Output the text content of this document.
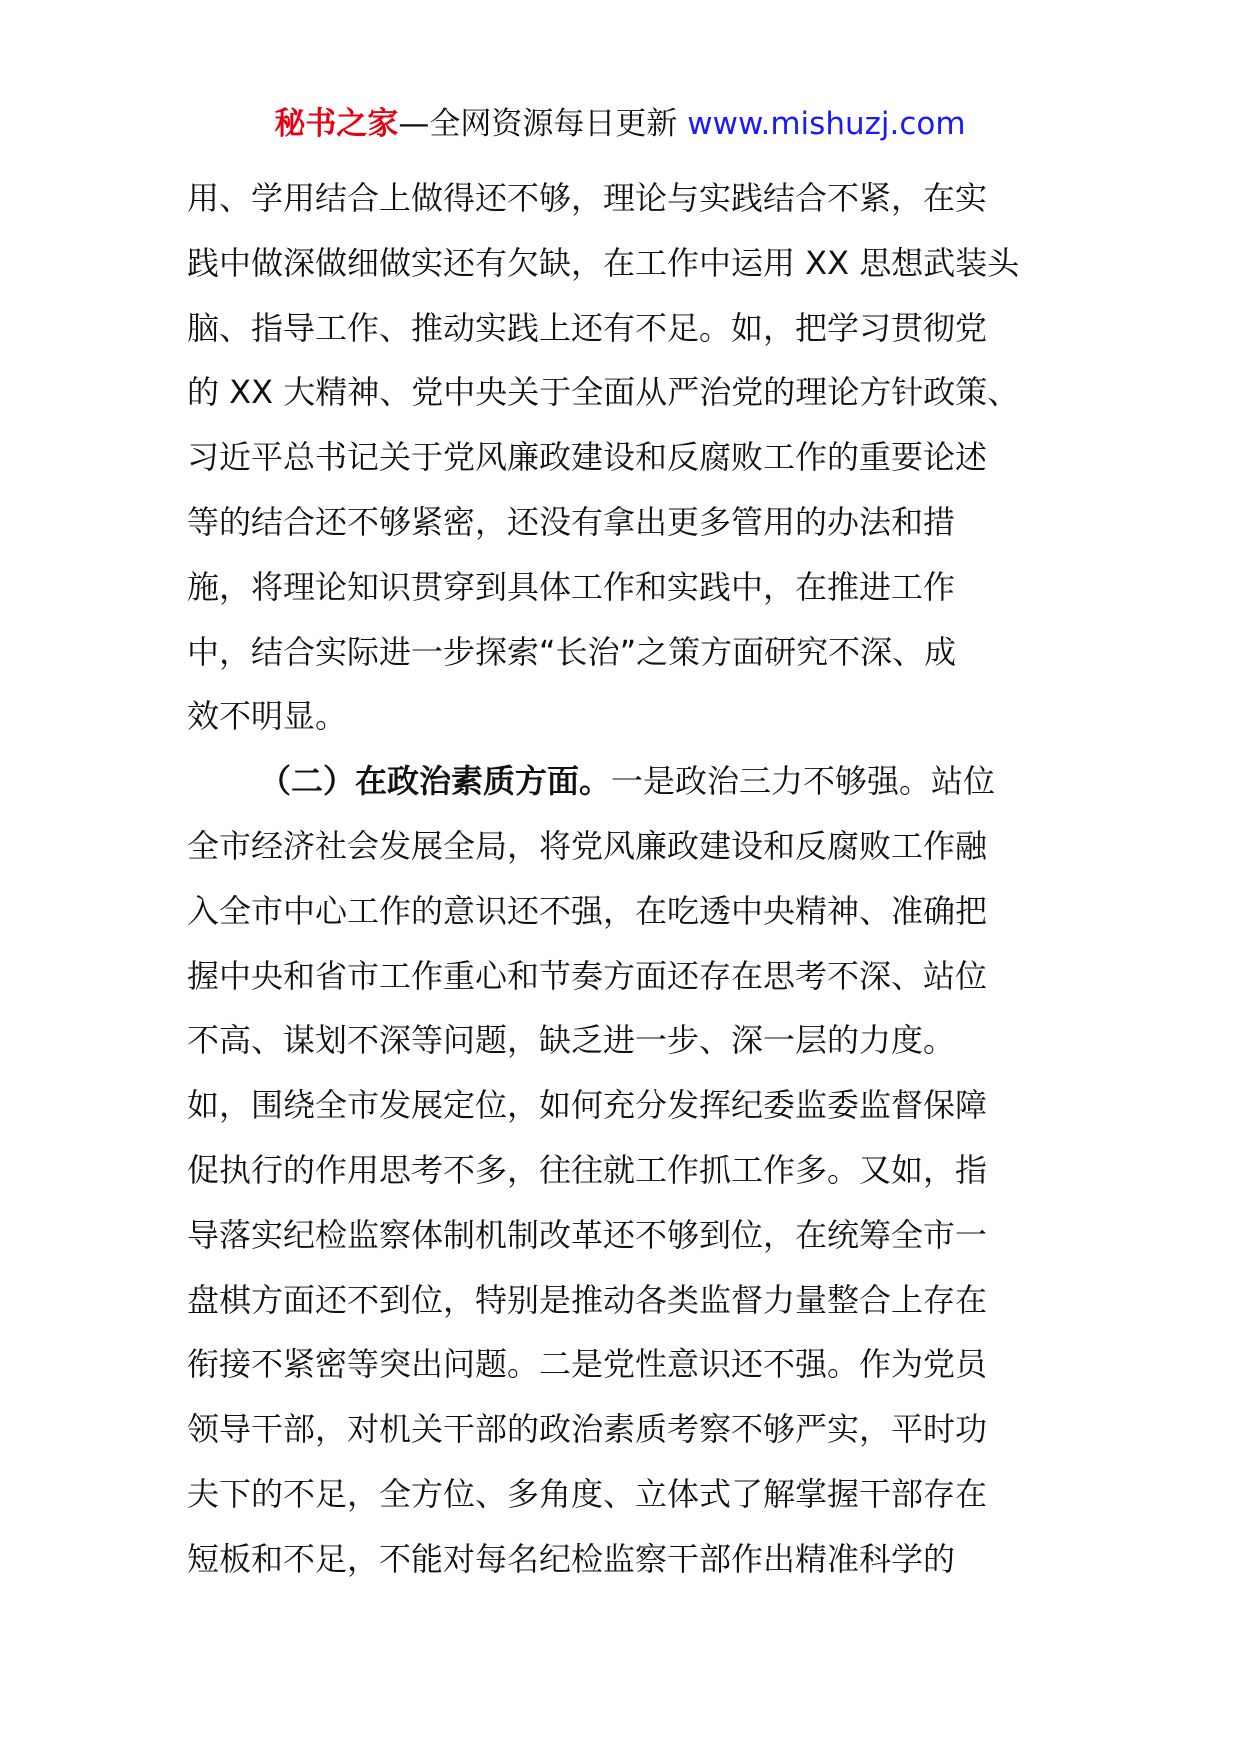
秘书之家—全网资源每日更新 www.mishuzj.com
用、学用结合上做得还不够，理论与实践结合不紧，在实
践中做深做细做实还有欠缺，在工作中运用 XX 思想武装头
脑、指导工作、推动实践上还有不足。如，把学习贯彻党
的 XX 大精神、党中央关于全面从严治党的理论方针政策、
习近平总书记关于党风廉政建设和反腐败工作的重要论述
等的结合还不够紧密，还没有拿出更多管用的办法和措
施，将理论知识贯穿到具体工作和实践中，在推进工作
中，结合实际进一步探索“长治”之策方面研究不深、成
效不明显。
（二）在政治素质方面。一是政治三力不够强。站位
全市经济社会发展全局，将党风廉政建设和反腐败工作融
入全市中心工作的意识还不强，在吃透中央精神、准确把
握中央和省市工作重心和节奏方面还存在思考不深、站位
不高、谋划不深等问题，缺乏进一步、深一层的力度。
如，围绕全市发展定位，如何充分发挥纪委监委监督保障
促执行的作用思考不多，往往就工作抓工作多。又如，指
导落实纪检监察体制机制改革还不够到位，在统筹全市一
盘棋方面还不到位，特别是推动各类监督力量整合上存在
衔接不紧密等突出问题。二是党性意识还不强。作为党员
领导干部，对机关干部的政治素质考察不够严实，平时功
夫下的不足，全方位、多角度、立体式了解掌握干部存在
短板和不足，不能对每名纪检监察干部作出精准科学的
